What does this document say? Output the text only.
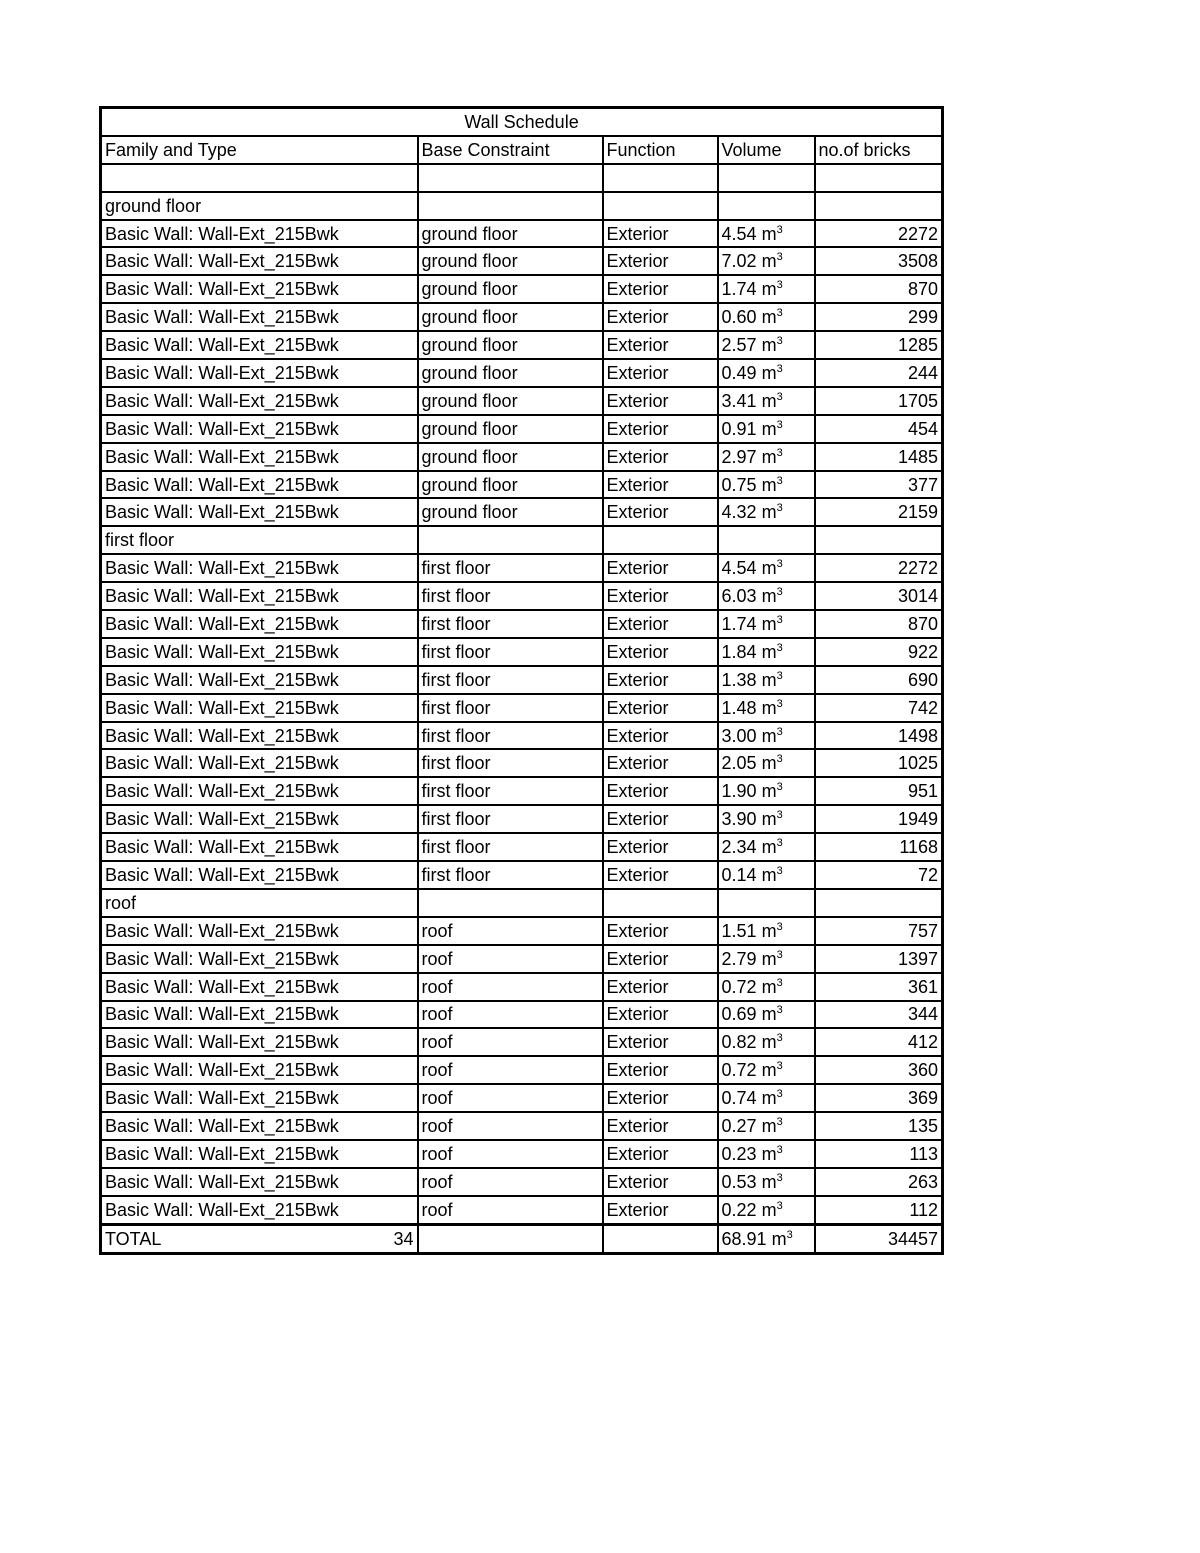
Wall Schedule				
Family and Type	Base Constraint	Function	Volume	no.of bricks

ground floor				
Basic Wall: Wall-Ext_215Bwk	ground floor	Exterior	4.54 $m^3$	2272
Basic Wall: Wall-Ext_215Bwk	ground floor	Exterior	7.02 $m^3$	3508
Basic Wall: Wall-Ext_215Bwk	ground floor	Exterior	1.74 $m^3$	870
Basic Wall: Wall-Ext_215Bwk	ground floor	Exterior	0.60 $m^3$	299
Basic Wall: Wall-Ext_215Bwk	ground floor	Exterior	2.57 $m^3$	1285
Basic Wall: Wall-Ext_215Bwk	ground floor	Exterior	0.49 $m^3$	244
Basic Wall: Wall-Ext_215Bwk	ground floor	Exterior	3.41 $m^3$	1705
Basic Wall: Wall-Ext_215Bwk	ground floor	Exterior	0.91 $m^3$	454
Basic Wall: Wall-Ext_215Bwk	ground floor	Exterior	2.97 $m^3$	1485
Basic Wall: Wall-Ext_215Bwk	ground floor	Exterior	0.75 $m^3$	377
Basic Wall: Wall-Ext_215Bwk	ground floor	Exterior	4.32 $m^3$	2159
first floor				
Basic Wall: Wall-Ext_215Bwk	first floor	Exterior	4.54 $m^3$	2272
Basic Wall: Wall-Ext_215Bwk	first floor	Exterior	6.03 $m^3$	3014
Basic Wall: Wall-Ext_215Bwk	first floor	Exterior	1.74 $m^3$	870
Basic Wall: Wall-Ext_215Bwk	first floor	Exterior	1.84 $m^3$	922
Basic Wall: Wall-Ext_215Bwk	first floor	Exterior	1.38 $m^3$	690
Basic Wall: Wall-Ext_215Bwk	first floor	Exterior	1.48 $m^3$	742
Basic Wall: Wall-Ext_215Bwk	first floor	Exterior	3.00 $m^3$	1498
Basic Wall: Wall-Ext_215Bwk	first floor	Exterior	2.05 $m^3$	1025
Basic Wall: Wall-Ext_215Bwk	first floor	Exterior	1.90 $m^3$	951
Basic Wall: Wall-Ext_215Bwk	first floor	Exterior	3.90 $m^3$	1949
Basic Wall: Wall-Ext_215Bwk	first floor	Exterior	2.34 $m^3$	1168
Basic Wall: Wall-Ext_215Bwk	first floor	Exterior	0.14 $m^3$	72
roof				
Basic Wall: Wall-Ext_215Bwk	roof	Exterior	1.51 $m^3$	757
Basic Wall: Wall-Ext_215Bwk	roof	Exterior	2.79 $m^3$	1397
Basic Wall: Wall-Ext_215Bwk	roof	Exterior	0.72 $m^3$	361
Basic Wall: Wall-Ext_215Bwk	roof	Exterior	0.69 $m^3$	344
Basic Wall: Wall-Ext_215Bwk	roof	Exterior	0.82 $m^3$	412
Basic Wall: Wall-Ext_215Bwk	roof	Exterior	0.72 $m^3$	360
Basic Wall: Wall-Ext_215Bwk	roof	Exterior	0.74 $m^3$	369
Basic Wall: Wall-Ext_215Bwk	roof	Exterior	0.27 $m^3$	135
Basic Wall: Wall-Ext_215Bwk	roof	Exterior	0.23 $m^3$	113
Basic Wall: Wall-Ext_215Bwk	roof	Exterior	0.53 $m^3$	263
Basic Wall: Wall-Ext_215Bwk	roof	Exterior	0.22 $m^3$	112

TOTAL 34			68.91 $m^3$	34457
